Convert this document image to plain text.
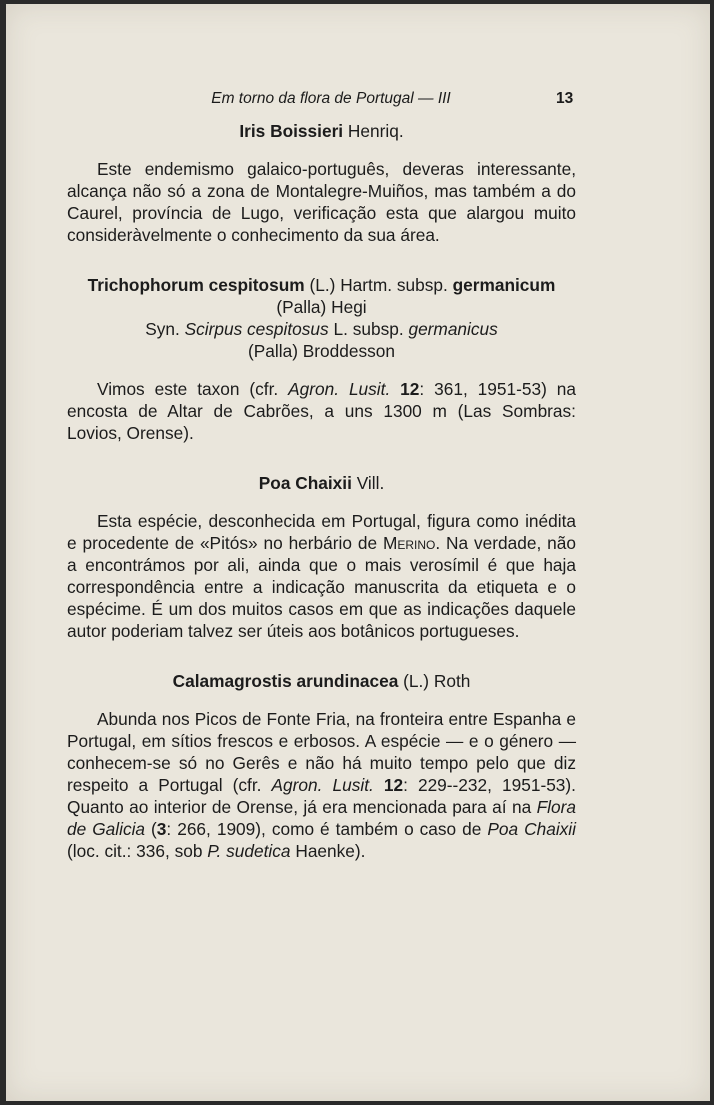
Em torno da flora de Portugal — III	13
Iris Boissieri Henriq.

Este endemismo galaico-português, deveras interessante, alcança não só a zona de Montalegre-Muiños, mas também a do Caurel, província de Lugo, verificação esta que alargou muito consideràvelmente o conhecimento da sua área.

Trichophorum cespitosum (L.) Hartm. subsp. germanicum
(Palla) Hegi
Syn. Scirpus cespitosus L. subsp. germanicus
(Palla) Broddesson

Vimos este taxon (cfr. Agron. Lusit. 12: 361, 1951-53) na encosta de Altar de Cabrões, a uns 1300 m (Las Sombras: Lovios, Orense).

Poa Chaixii Vill.

Esta espécie, desconhecida em Portugal, figura como inédita e procedente de «Pitós» no herbário de Merino. Na verdade, não a encontrámos por ali, ainda que o mais verosímil é que haja correspondência entre a indicação manuscrita da etiqueta e o espécime. É um dos muitos casos em que as indicações daquele autor poderiam talvez ser úteis aos botânicos portugueses.

Calamagrostis arundinacea (L.) Roth

Abunda nos Picos de Fonte Fria, na fronteira entre Espanha e Portugal, em sítios frescos e erbosos. A espécie — e o género — conhecem-se só no Gerês e não há muito tempo pelo que diz respeito a Portugal (cfr. Agron. Lusit. 12: 229--232, 1951-53). Quanto ao interior de Orense, já era mencionada para aí na Flora de Galicia (3: 266, 1909), como é também o caso de Poa Chaixii (loc. cit.: 336, sob P. sudetica Haenke).
